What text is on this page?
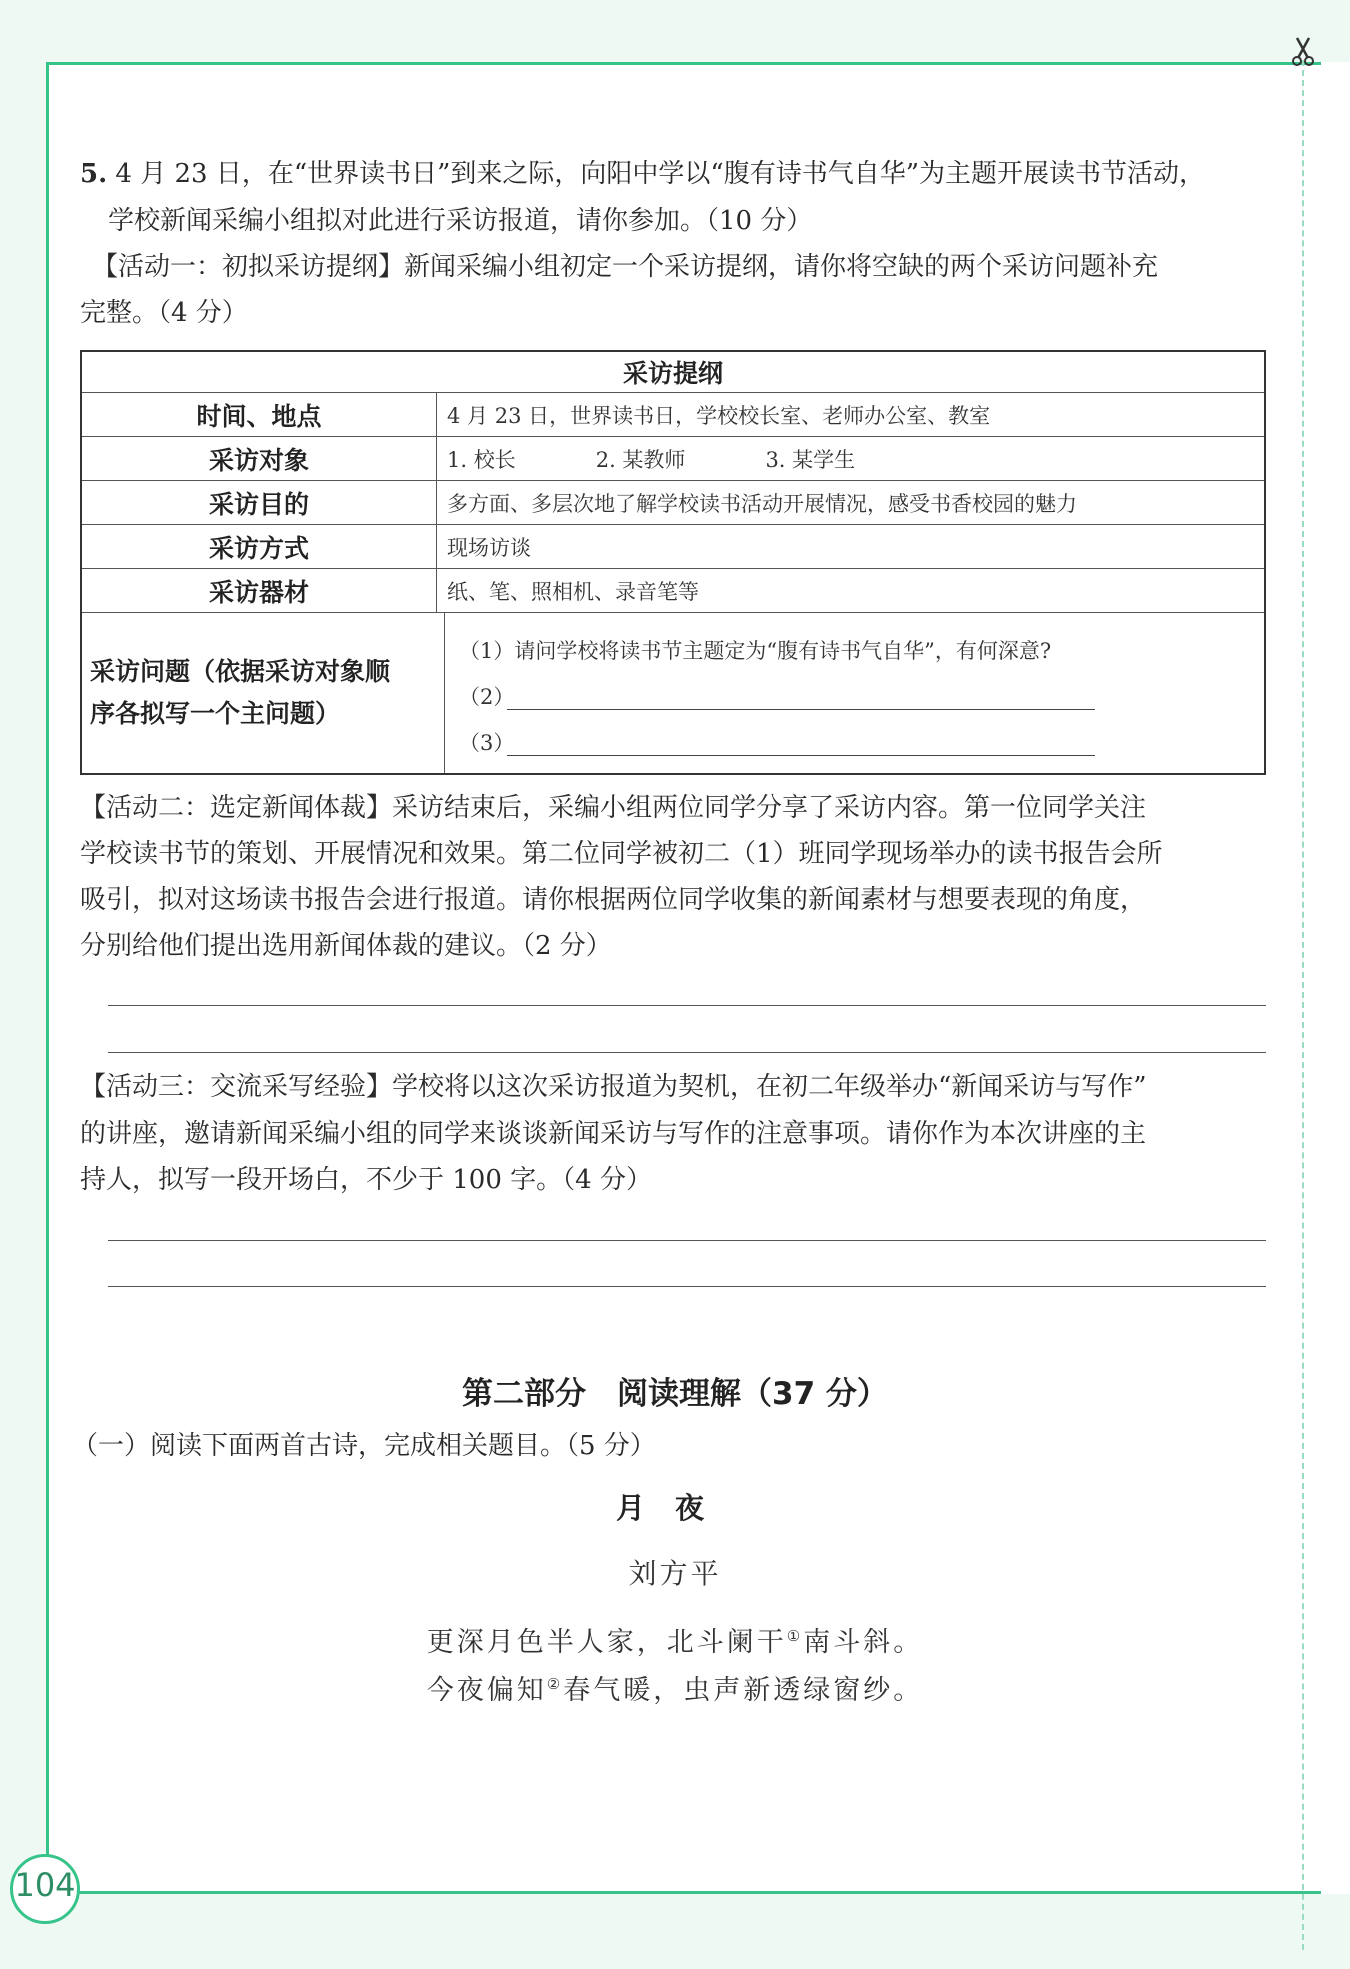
104
5. 4 月 23 日，在“世界读书日”到来之际，向阳中学以“腹有诗书气自华”为主题开展读书节活动，
学校新闻采编小组拟对此进行采访报道，请你参加。（10 分）
【活动一：初拟采访提纲】新闻采编小组初定一个采访提纲，请你将空缺的两个采访问题补充
完整。（4 分）
采访提纲
时间、地点	4 月 23 日，世界读书日，学校校长室、老师办公室、教室
采访对象	1. 校长	2. 某教师	3. 某学生
采访目的	多方面、多层次地了解学校读书活动开展情况，感受书香校园的魅力
采访方式	现场访谈
采访器材	纸、笔、照相机、录音笔等
采访问题（依据采访对象顺
序各拟写一个主问题）
（1）请问学校将读书节主题定为“腹有诗书气自华”，有何深意?
（2）
（3）
【活动二：选定新闻体裁】采访结束后，采编小组两位同学分享了采访内容。第一位同学关注
学校读书节的策划、开展情况和效果。第二位同学被初二（1）班同学现场举办的读书报告会所
吸引，拟对这场读书报告会进行报道。请你根据两位同学收集的新闻素材与想要表现的角度，
分别给他们提出选用新闻体裁的建议。（2 分）
【活动三：交流采写经验】学校将以这次采访报道为契机，在初二年级举办“新闻采访与写作”
的讲座，邀请新闻采编小组的同学来谈谈新闻采访与写作的注意事项。请你作为本次讲座的主
持人，拟写一段开场白，不少于 100 字。（4 分）
第二部分　阅读理解（37 分）
（一）阅读下面两首古诗，完成相关题目。（5 分）
月夜
刘方平
更深月色半人家，北斗阑干①南斗斜。
今夜偏知②春气暖，虫声新透绿窗纱。
